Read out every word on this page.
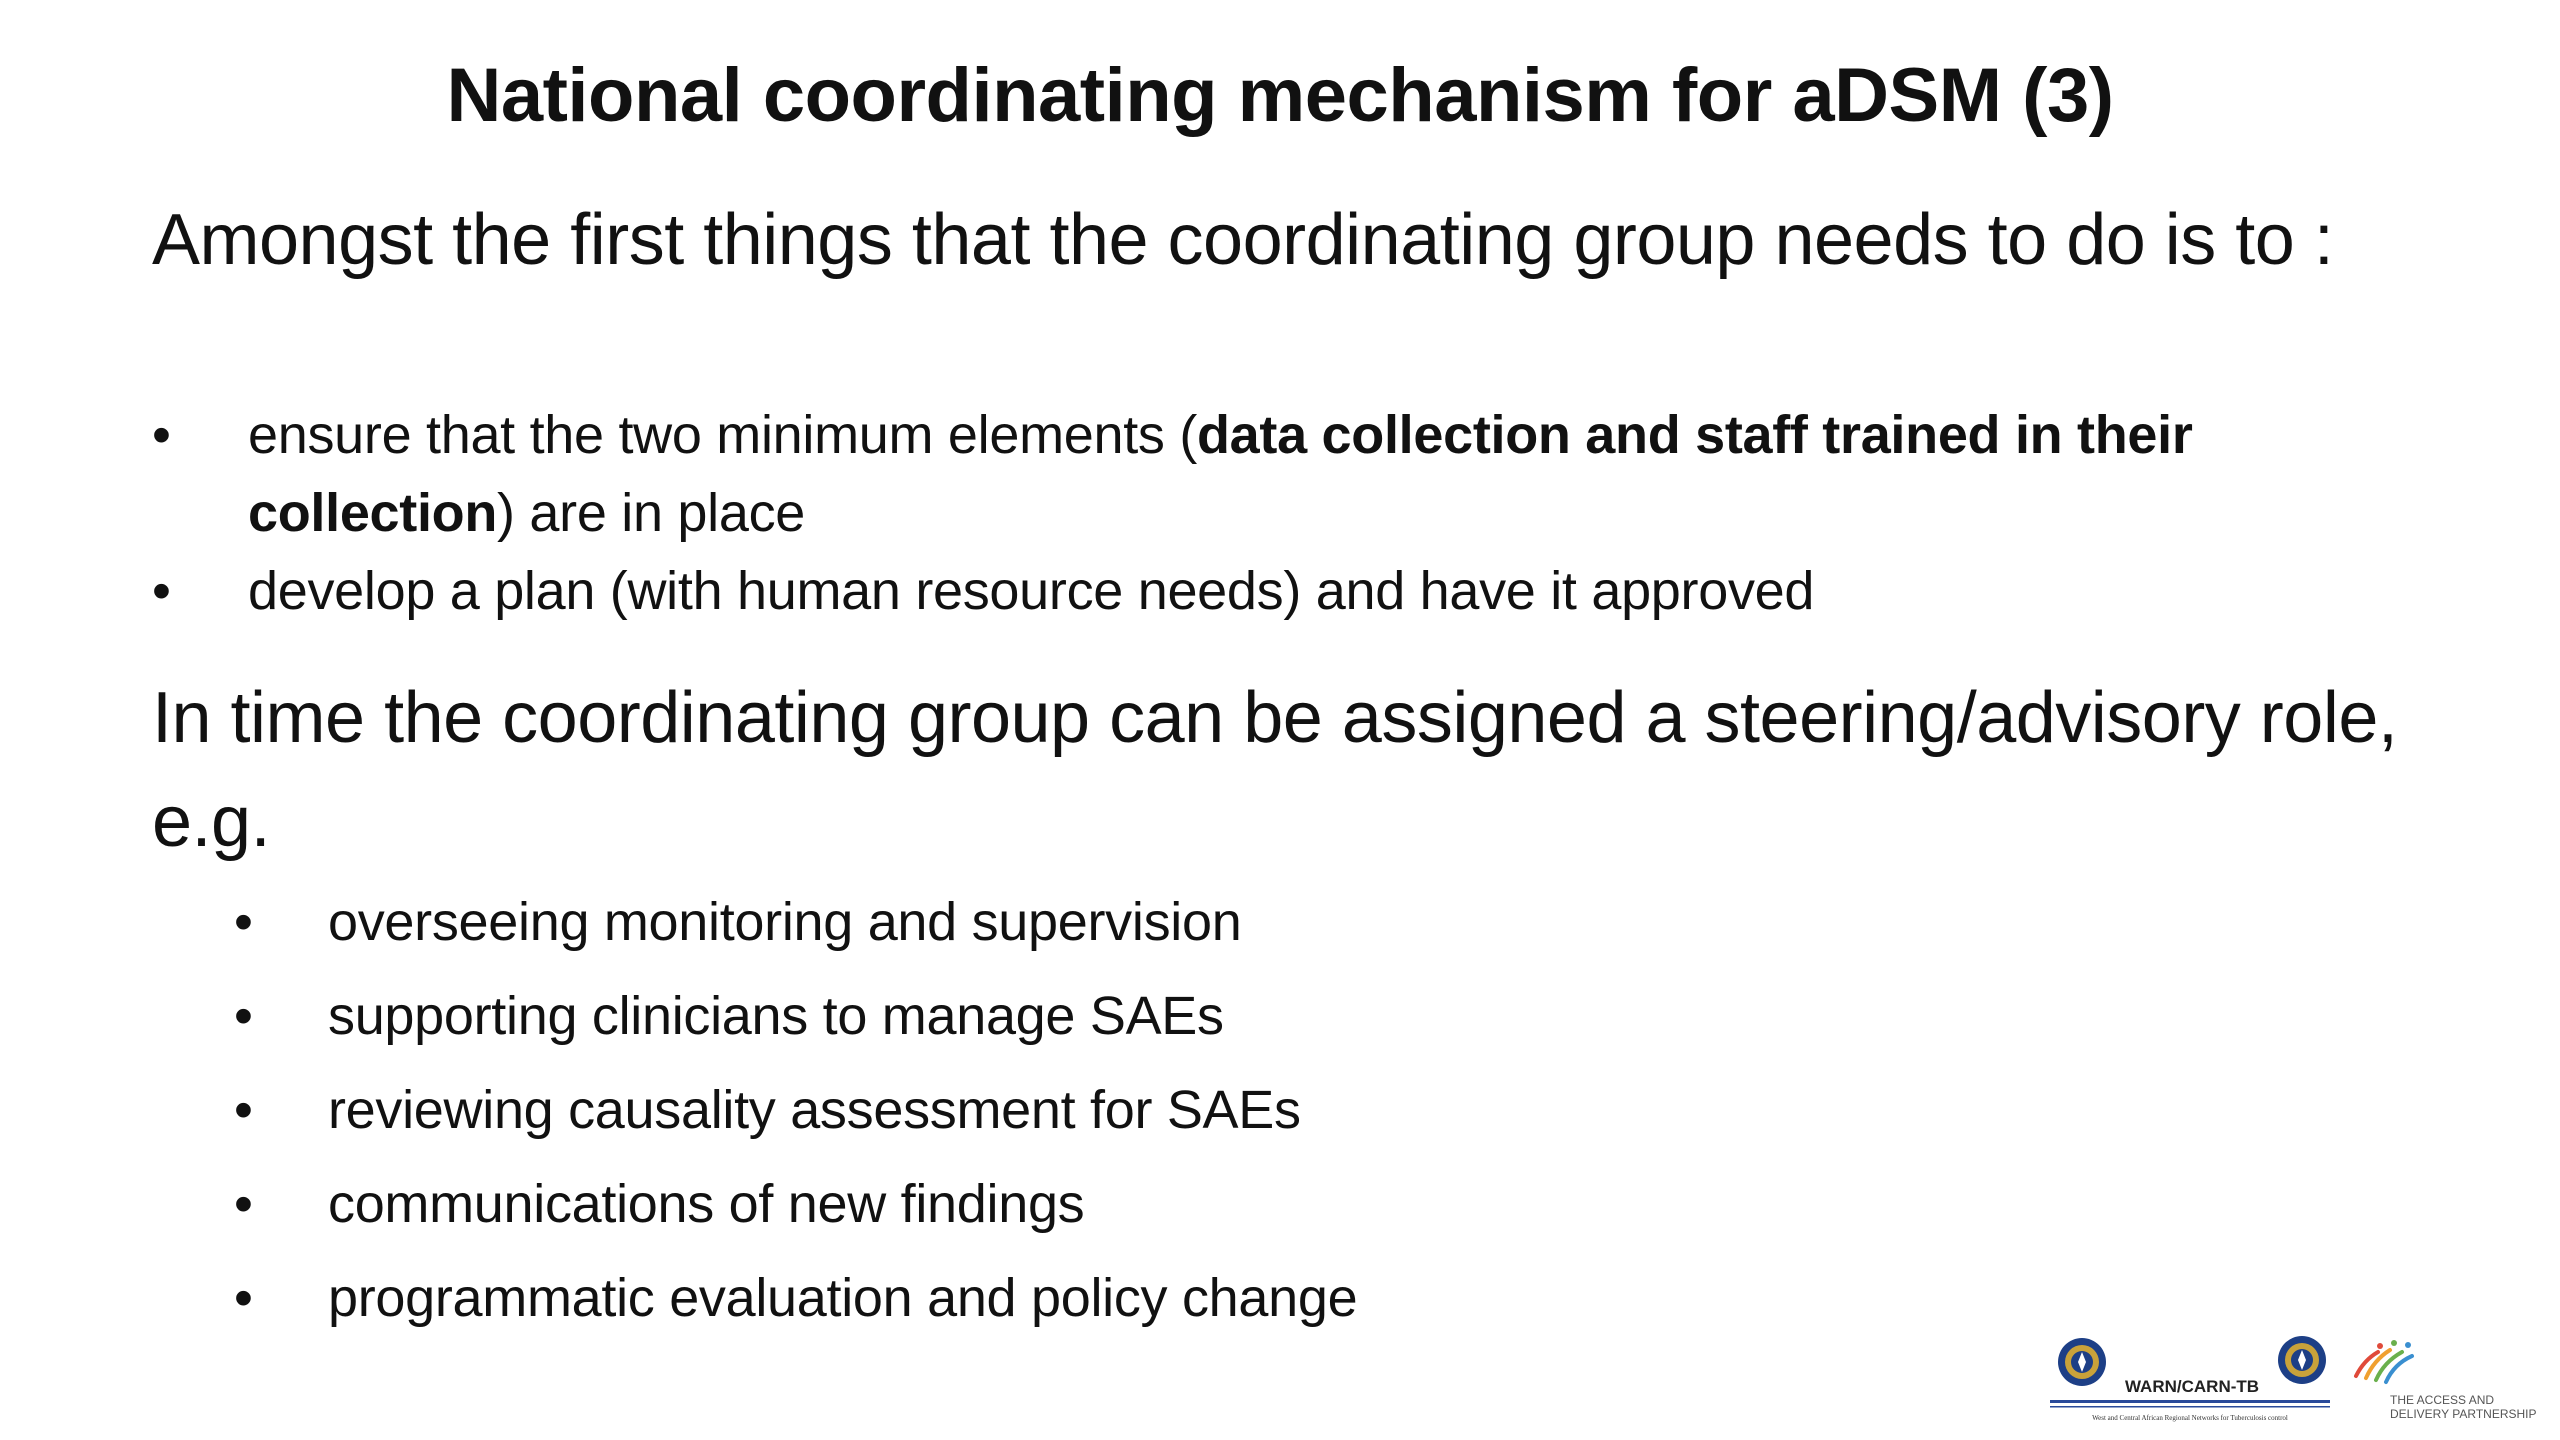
National coordinating mechanism for aDSM (3)
Amongst the first things that the coordinating group needs to do is to :
• ensure that the two minimum elements (data collection and staff trained in their collection) are in place
• develop a plan (with human resource needs) and have it approved
In time the coordinating group can be assigned a steering/advisory role, e.g.
• overseeing monitoring and supervision
• supporting clinicians to manage SAEs
• reviewing causality assessment for SAEs
• communications of new findings
• programmatic evaluation and policy change
WARN/CARN-TB
West and Central African Regional Networks for Tuberculosis control
THE ACCESS AND
DELIVERY PARTNERSHIP
